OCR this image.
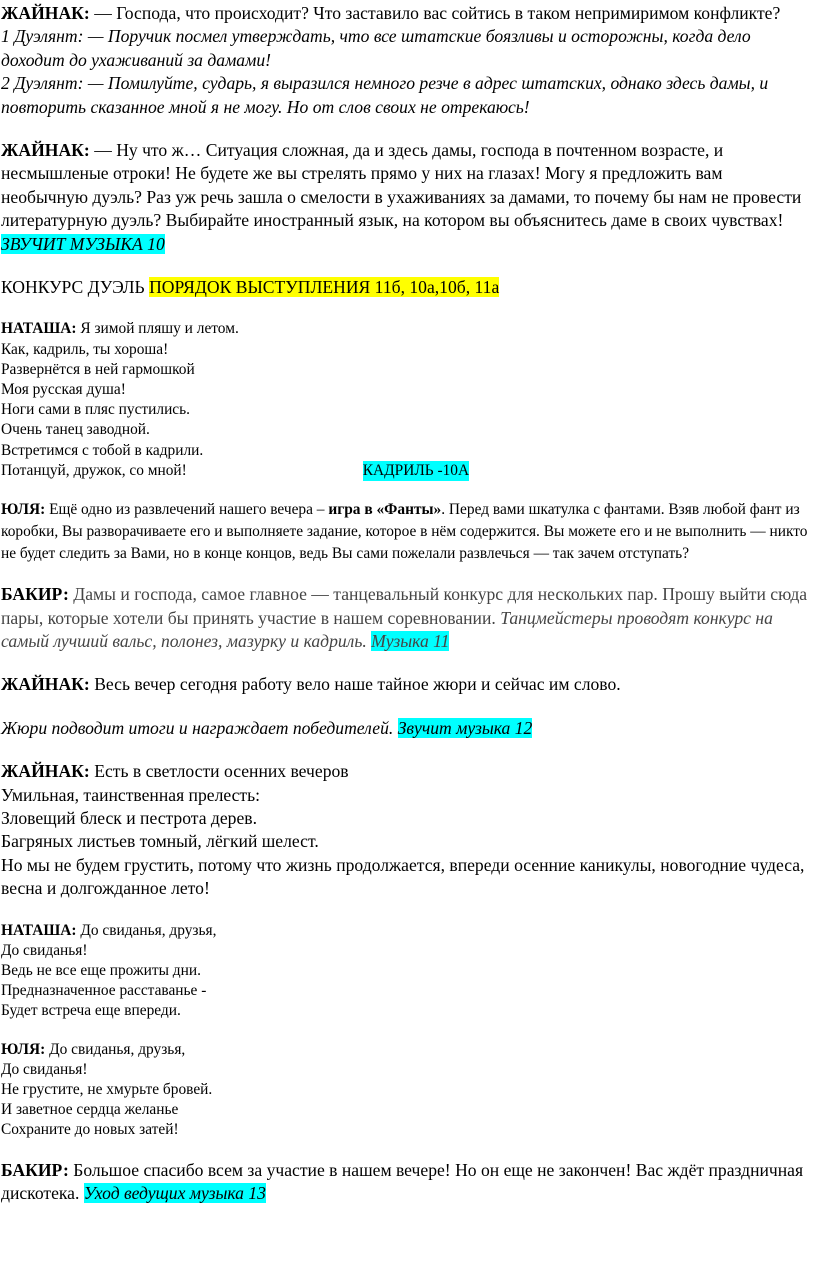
ЖАЙНАК: — Господа, что происходит? Что заставило вас сойтись в таком непримиримом конфликте?

1 Дуэлянт: — Поручик посмел утверждать, что все штатские боязливы и осторожны, когда дело доходит до ухаживаний за дамами!

2 Дуэлянт: — Помилуйте, сударь, я выразился немного резче в адрес штатских, однако здесь дамы, и повторить сказанное мной я не могу. Но от слов своих не отрекаюсь!

ЖАЙНАК: — Ну что ж… Ситуация сложная, да и здесь дамы, господа в почтенном возрасте, и несмышленые отроки! Не будете же вы стрелять прямо у них на глазах! Могу я предложить вам необычную дуэль? Раз уж речь зашла о смелости в ухаживаниях за дамами, то почему бы нам не провести литературную дуэль? Выбирайте иностранный язык, на котором вы объяснитесь даме в своих чувствах!

ЗВУЧИТ МУЗЫКА 10

КОНКУРС ДУЭЛЬ ПОРЯДОК ВЫСТУПЛЕНИЯ 11б, 10а,10б, 11а

НАТАША: Я зимой пляшу и летом.

Как, кадриль, ты хороша!

Развернётся в ней гармошкой

Моя русская душа!

Ноги сами в пляс пустились.

Очень танец заводной.

Встретимся с тобой в кадрили.

Потанцуй, дружок, со мной!	КАДРИЛЬ -10А

ЮЛЯ: Ещё одно из развлечений нашего вечера – игра в «Фанты». Перед вами шкатулка с фантами. Взяв любой фант из коробки, Вы разворачиваете его и выполняете задание, которое в нём содержится. Вы можете его и не выполнить — никто не будет следить за Вами, но в конце концов, ведь Вы сами пожелали развлечься — так зачем отступать?

БАКИР: Дамы и господа, самое главное — танцевальный конкурс для нескольких пар. Прошу выйти сюда пары, которые хотели бы принять участие в нашем соревновании. Танцмейстеры проводят конкурс на самый лучший вальс, полонез, мазурку и кадриль. Музыка 11

ЖАЙНАК: Весь вечер сегодня работу вело наше тайное жюри и сейчас им слово.

Жюри подводит итоги и награждает победителей. Звучит музыка 12

ЖАЙНАК: Есть в светлости осенних вечеров

Умильная, таинственная прелесть:

Зловещий блеск и пестрота дерев.

Багряных листьев томный, лёгкий шелест.

Но мы не будем грустить, потому что жизнь продолжается, впереди осенние каникулы, новогодние чудеса, весна и долгожданное лето!

НАТАША: До свиданья, друзья,

До свиданья!

Ведь не все еще прожиты дни.

Предназначенное расставанье -

Будет встреча еще впереди.

ЮЛЯ: До свиданья, друзья,

До свиданья!

Не грустите, не хмурьте бровей.

И заветное сердца желанье

Сохраните до новых затей!

БАКИР: Большое спасибо всем за участие в нашем вечере! Но он еще не закончен! Вас ждёт праздничная дискотека. Уход ведущих музыка 13
